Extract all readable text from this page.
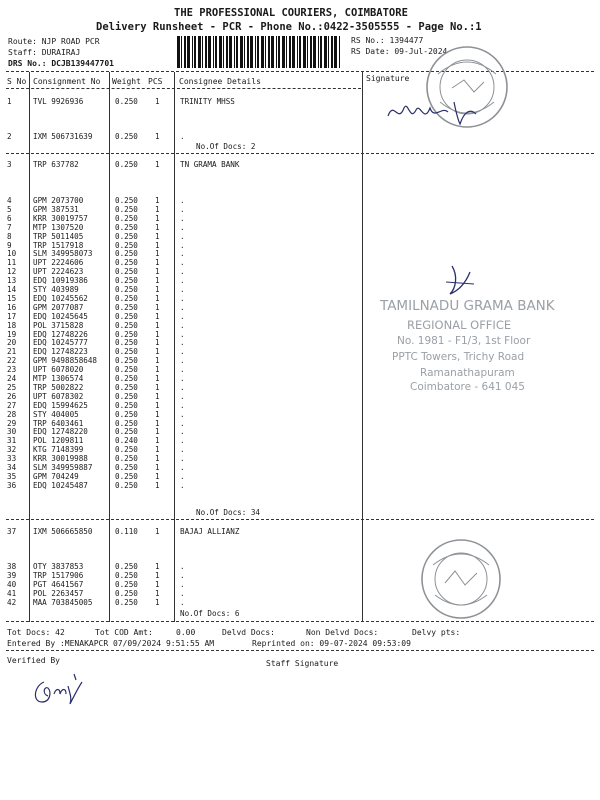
THE PROFESSIONAL COURIERS, COIMBATORE
Delivery Runsheet - PCR - Phone No.:0422-3505555 - Page No.:1
Route: NJP ROAD PCR
Staff: DURAIRAJ
DRS No.: DCJB139447701
RS No.: 1394477
RS Date: 09-Jul-2024
S No Consignment No Weight PCS Consignee Details	Signature
1	TVL 9926936	0.250 1	TRINITY MHSS
2	IXM 506731639	0.250 1	.
No.Of Docs: 2
3	TRP 637782	0.250 1	TN GRAMA BANK
4	GPM 2073700	0.250 1	.
5	GPM 387531	0.250 1	.
6	KRR 30019757	0.250 1	.
7	MTP 1307520	0.250 1	.
8	TRP 5011405	0.250 1	.
9	TRP 1517918	0.250 1	.
10 SLM 349958073	0.250 1	.
11 UPT 2224606	0.250 1	.
12 UPT 2224623	0.250 1	.
13 EDQ 10919386	0.250 1	.
14 STY 403989	0.250 1	.
15 EDQ 10245562	0.250 1	.
16 GPM 2077087	0.250 1	.
17 EDQ 10245645	0.250 1	.
18 POL 3715828	0.250 1	.
19 EDQ 12748226	0.250 1	.
20 EDQ 10245777	0.250 1	.
21 EDQ 12748223	0.250 1	.
22 GPM 9498858648 0.250 1	.
23 UPT 6078020	0.250 1	.
24 MTP 1306574	0.250 1	.
25 TRP 5002822	0.250 1	.
26 UPT 6078302	0.250 1	.
27 EDQ 15994625	0.250 1	.
28 STY 404005	0.250 1	.
29 TRP 6403461	0.250 1	.
30 EDQ 12748220	0.250 1	.
31 POL 1209811	0.240 1	.
32 KTG 7148399	0.250 1	.
33 KRR 30019988	0.250 1	.
34 SLM 349959887	0.250 1	.
35 GPM 704249	0.250 1	.
36 EDQ 10245487	0.250 1	.
No.Of Docs: 34
37 IXM 506665850	0.110 1	BAJAJ ALLIANZ
38 OTY 3837853	0.250 1	.
39 TRP 1517906	0.250 1	.
40 PGT 4641567	0.250 1	.
41 POL 2263457	0.250 1	.
42 MAA 703845005	0.250 1	.
No.Of Docs: 6
TAMILNADU GRAMA BANK
REGIONAL OFFICE
No. 1981 - F1/3, 1st Floor
PPTC Towers, Trichy Road
Ramanathapuram
Coimbatore - 641 045
Tot Docs: 42	Tot COD Amt:	0.00	Delvd Docs:	Non Delvd Docs:	Delvy pts:
Entered By :MENAKAPCR 07/09/2024 9:51:55 AM	Reprinted on: 09-07-2024 09:53:09
Verified By	Staff Signature
